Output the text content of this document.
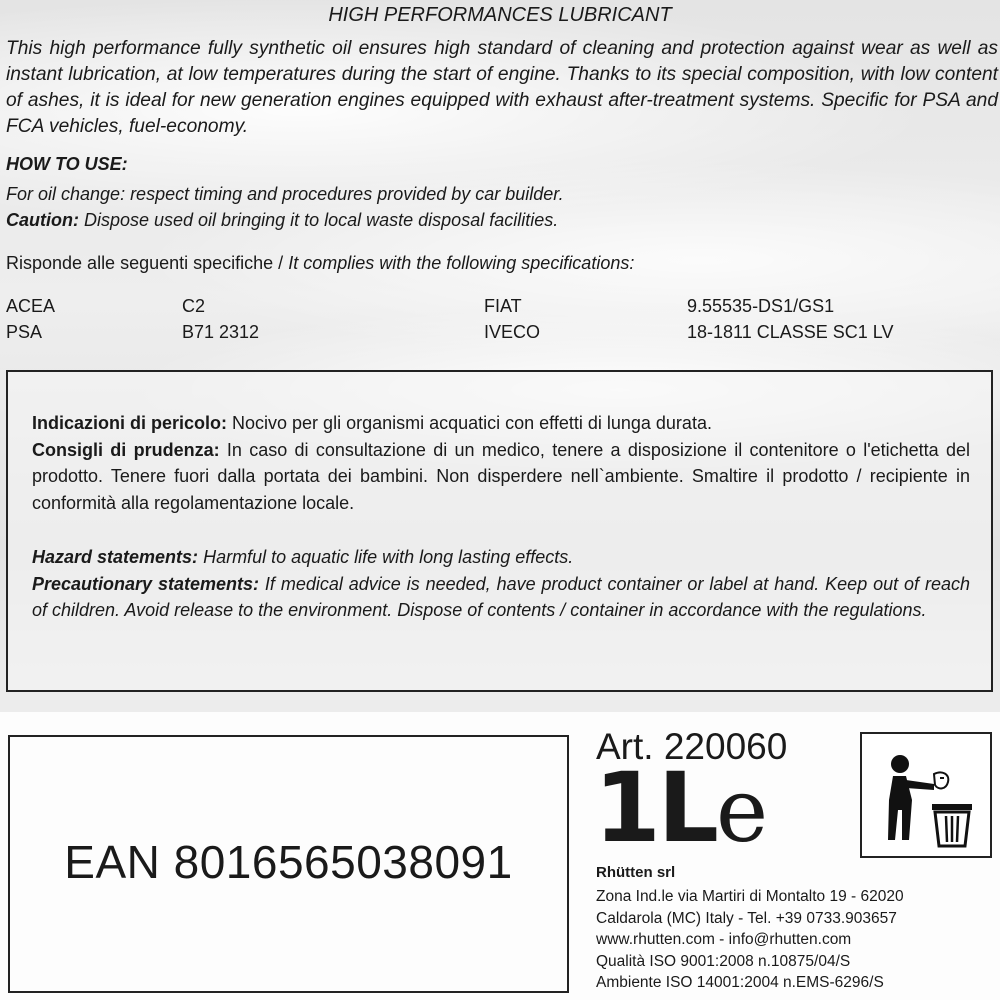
HIGH PERFORMANCES LUBRICANT
This high performance fully synthetic oil ensures high standard of cleaning and protection against wear as well as instant lubrication, at low temperatures during the start of engine. Thanks to its special composition, with low content of ashes, it is ideal for new generation engines equipped with exhaust after-treatment systems. Specific for PSA and FCA vehicles, fuel-economy.
HOW TO USE:
For oil change: respect timing and procedures provided by car builder.
Caution: Dispose used oil bringing it to local waste disposal facilities.
Risponde alle seguenti specifiche / It complies with the following specifications:
ACEA	C2	FIAT	9.55535-DS1/GS1
PSA	B71 2312	IVECO	18-1811 CLASSE SC1 LV
Indicazioni di pericolo: Nocivo per gli organismi acquatici con effetti di lunga durata.
Consigli di prudenza: In caso di consultazione di un medico, tenere a disposizione il contenitore o l'etichetta del prodotto. Tenere fuori dalla portata dei bambini. Non disperdere nell`ambiente. Smaltire il prodotto / recipiente in conformità alla regolamentazione locale.
Hazard statements: Harmful to aquatic life with long lasting effects.
Precautionary statements: If medical advice is needed, have product container or label at hand. Keep out of reach of children. Avoid release to the environment. Dispose of contents / container in accordance with the regulations.
EAN 8016565038091
Art. 220060
1Le
Rhütten srl
Zona Ind.le via Martiri di Montalto 19 - 62020
Caldarola (MC) Italy - Tel. +39 0733.903657
www.rhutten.com - info@rhutten.com
Qualità ISO 9001:2008 n.10875/04/S
Ambiente ISO 14001:2004 n.EMS-6296/S
